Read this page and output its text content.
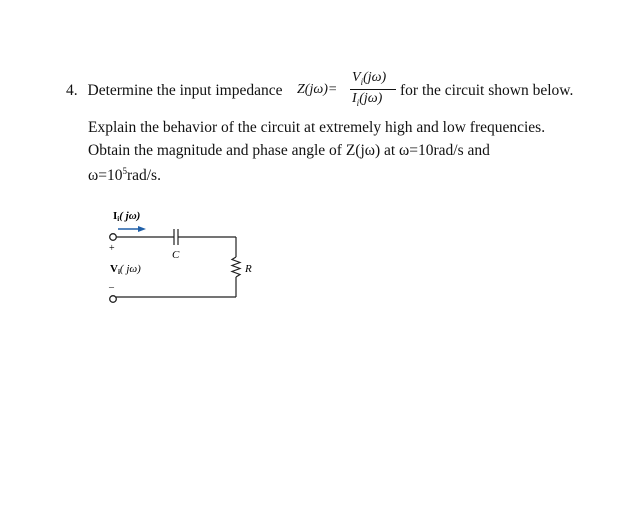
4. Determine the input impedance Z(jω)=
$V_i(j\omega)$
$I_i(j\omega)$ for the circuit shown below.
Explain the behavior of the circuit at extremely high and low frequencies.
Obtain the magnitude and phase angle of Z(jω) at ω=10rad/s and
$\omega=10^5rad/s$.
Ii( jω)
C
R
+
Vi( jω)
–
